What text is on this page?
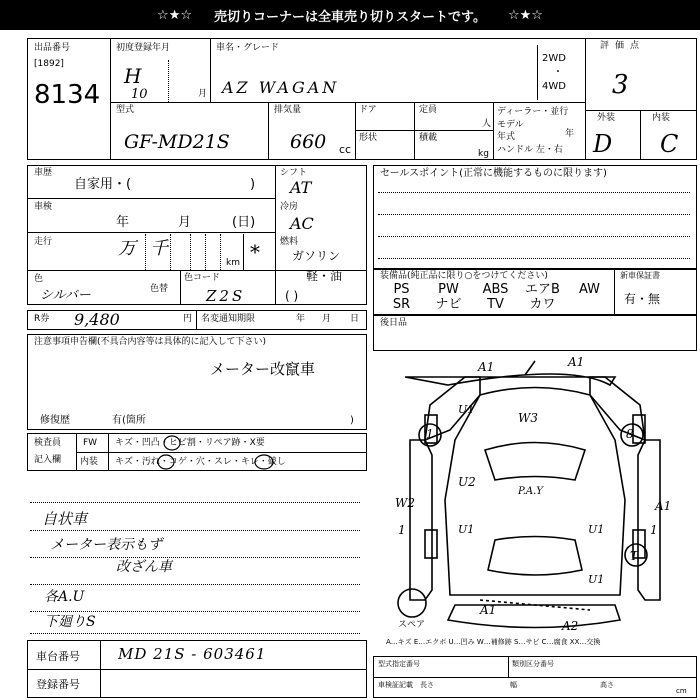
☆★☆ 売切りコーナーは全車売り切りスタートです。 ☆★☆
出品番号
[1892]
8134
初度登録年月
H
10	月
車名・グレード
AZ WAGAN
2WD
・
4WD
評価点
3
型式
GF-MD21S
排気量
660 cc
ドア	定員
人
形状	積載
kg
ディーラー・並行
モデル
年式	年
ハンドル 左・右
外装
D
内装
C
車歴
自家用・(	)
車検
年	月	(日)
走行	万 千
km *
色
シルバー	色替
色コード
Z2S
シフト
AT
冷房
AC
燃料
ガソリン
軽・油
( )
セールスポイント(正常に機能するものに限ります)
装備品(純正品に限り○をつけてください)	新車保証書
有・無
PS	PW	ABS	エアB	AW
SR	ナビ	TV	カワ
R券 9,480	円 名変通知期限	年 月 日 後日品
注意事項申告欄(不具合内容等は具体的に記入して下さい)
メーター改竄車
修復歴	有(箇所	)
検査員
記入欄
FW キズ・凹凸・ヒビ割・リペア跡・X要
内装 キズ・汚れ・コゲ・穴・スレ・キレ・破し
自状車
メーター表示もず
改ざん車
各A.U
下廻りS
A1	A1
W3
U1
1	8
U2
P.A.Y
W2	A1
U1	U1
1	1
T
U1
A1
A2
スペア
A…キズ E…エクボ U…凹み W…補修跡 S…サビ C…腐食 XX…交換
車台番号	MD 21S - 603461
登録番号
型式指定番号	類別区分番号
車検証記載 長さ	幅	高さ
cm
